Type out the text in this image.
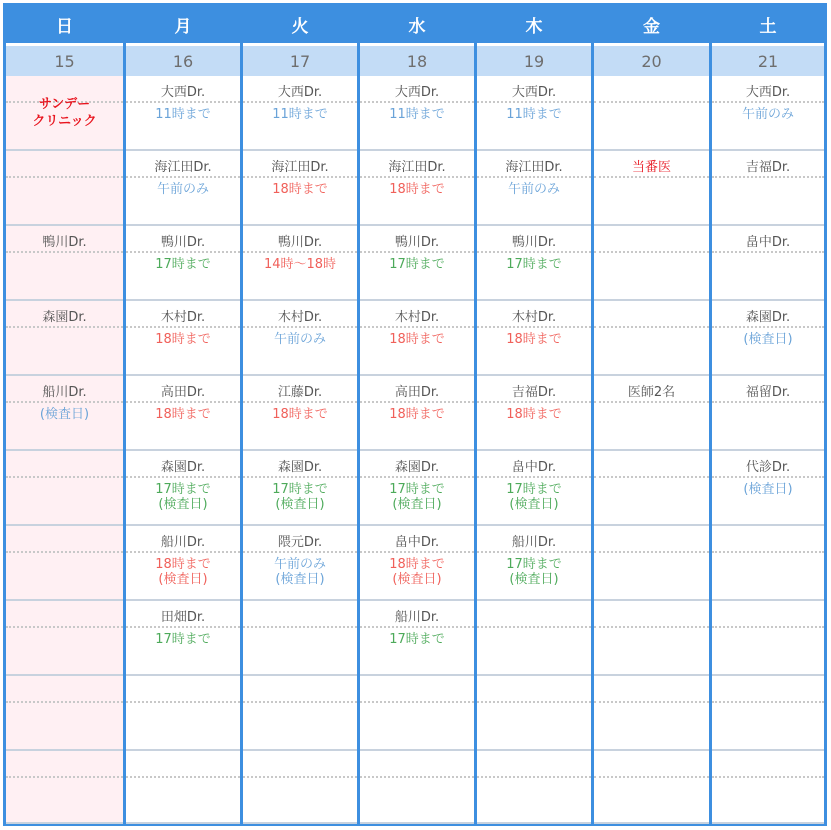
日
15
サンデー
クリニック
鴨川Dr.
森園Dr.
船川Dr.
(検査日)
月
16
大西Dr.
11時まで
海江田Dr.
午前のみ
鴨川Dr.
17時まで
木村Dr.
18時まで
高田Dr.
18時まで
森園Dr.
17時まで
(検査日)
船川Dr.
18時まで
(検査日)
田畑Dr.
17時まで
火
17
大西Dr.
11時まで
海江田Dr.
18時まで
鴨川Dr.
14時〜18時
木村Dr.
午前のみ
江藤Dr.
18時まで
森園Dr.
17時まで
(検査日)
隈元Dr.
午前のみ
(検査日)
水
18
大西Dr.
11時まで
海江田Dr.
18時まで
鴨川Dr.
17時まで
木村Dr.
18時まで
高田Dr.
18時まで
森園Dr.
17時まで
(検査日)
畠中Dr.
18時まで
(検査日)
船川Dr.
17時まで
木
19
大西Dr.
11時まで
海江田Dr.
午前のみ
鴨川Dr.
17時まで
木村Dr.
18時まで
吉福Dr.
18時まで
畠中Dr.
17時まで
(検査日)
船川Dr.
17時まで
(検査日)
金
20
当番医
医師2名
土
21
大西Dr.
午前のみ
吉福Dr.
畠中Dr.
森園Dr.
(検査日)
福留Dr.
代診Dr.
(検査日)
